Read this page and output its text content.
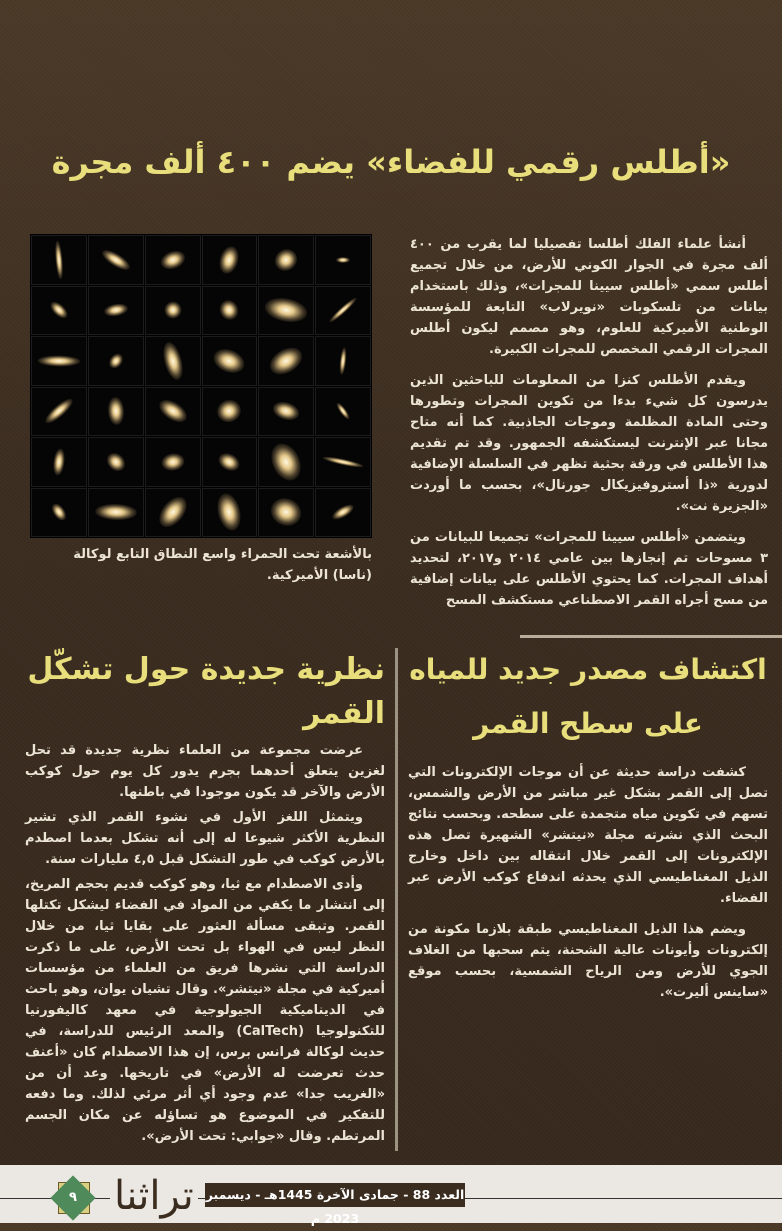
«أطلس رقمي للفضاء» يضم ٤٠٠ ألف مجرة

أنشأ علماء الفلك أطلسا تفصيليا لما يقرب من ٤٠٠ ألف مجرة في الجوار الكوني للأرض، من خلال تجميع أطلس سمي «أطلس سيينا للمجرات»، وذلك باستخدام بيانات من تلسكوبات «نويرلاب» التابعة للمؤسسة الوطنية الأميركية للعلوم، وهو مصمم ليكون أطلس المجرات الرقمي المخصص للمجرات الكبيرة.

ويقدم الأطلس كنزا من المعلومات للباحثين الذين يدرسون كل شيء بدءا من تكوين المجرات وتطورها وحتى المادة المظلمة وموجات الجاذبية. كما أنه متاح مجانا عبر الإنترنت ليستكشفه الجمهور. وقد تم تقديم هذا الأطلس في ورقة بحثية تظهر في السلسلة الإضافية لدورية «ذا أستروفيزيكال جورنال»، بحسب ما أوردت «الجزيرة نت».

ويتضمن «أطلس سيينا للمجرات» تجميعا للبيانات من ٣ مسوحات تم إنجازها بين عامي ٢٠١٤ و٢٠١٧، لتحديد أهداف المجرات. كما يحتوي الأطلس على بيانات إضافية من مسح أجراه القمر الاصطناعي مستكشف المسح

بالأشعة تحت الحمراء واسع النطاق التابع لوكالة (ناسا) الأميركية.
اكتشاف مصدر جديد للمياه
على سطح القمر

كشفت دراسة حديثة عن أن موجات الإلكترونات التي تصل إلى القمر بشكل غير مباشر من الأرض والشمس، تسهم في تكوين مياه متجمدة على سطحه. وبحسب نتائج البحث الذي نشرته مجلة «نيتشر» الشهيرة تصل هذه الإلكترونات إلى القمر خلال انتقاله بين داخل وخارج الذيل المغناطيسي الذي يحدثه اندفاع كوكب الأرض عبر الفضاء.

ويضم هذا الذيل المغناطيسي طبقة بلازما مكونة من إلكترونات وأيونات عالية الشحنة، يتم سحبها من الغلاف الجوي للأرض ومن الرياح الشمسية، بحسب موقع «ساينس أليرت».

نظرية جديدة حول تشكّل القمر

عرضت مجموعة من العلماء نظرية جديدة قد تحل لغزين يتعلق أحدهما بجرم يدور كل يوم حول كوكب الأرض والآخر قد يكون موجودا في باطنها.

ويتمثل اللغز الأول في نشوء القمر الذي تشير النظرية الأكثر شيوعا له إلى أنه تشكل بعدما اصطدم بالأرض كوكب في طور التشكل قبل ٤,٥ مليارات سنة.

وأدى الاصطدام مع ثيا، وهو كوكب قديم بحجم المريخ، إلى انتشار ما يكفي من المواد في الفضاء ليشكل تكتلها القمر. وتبقى مسألة العثور على بقايا ثيا، من خلال النظر ليس في الهواء بل تحت الأرض، على ما ذكرت الدراسة التي نشرها فريق من العلماء من مؤسسات أميركية في مجلة «نيتشر». وقال تشيان يوان، وهو باحث في الديناميكية الجيولوجية في معهد كاليفورنيا للتكنولوجيا (CalTech) والمعد الرئيس للدراسة، في حديث لوكالة فرانس برس، إن هذا الاصطدام كان «أعنف حدث تعرضت له الأرض» في تاريخها. وعد أن من «الغريب جدا» عدم وجود أي أثر مرئي لذلك. وما دفعه للتفكير في الموضوع هو تساؤله عن مكان الجسم المرتطم. وقال «جوابي: تحت الأرض».

العدد 88 - جمادى الآخرة 1445هـ - ديسمبر 2023 م
تراثنا
٩
